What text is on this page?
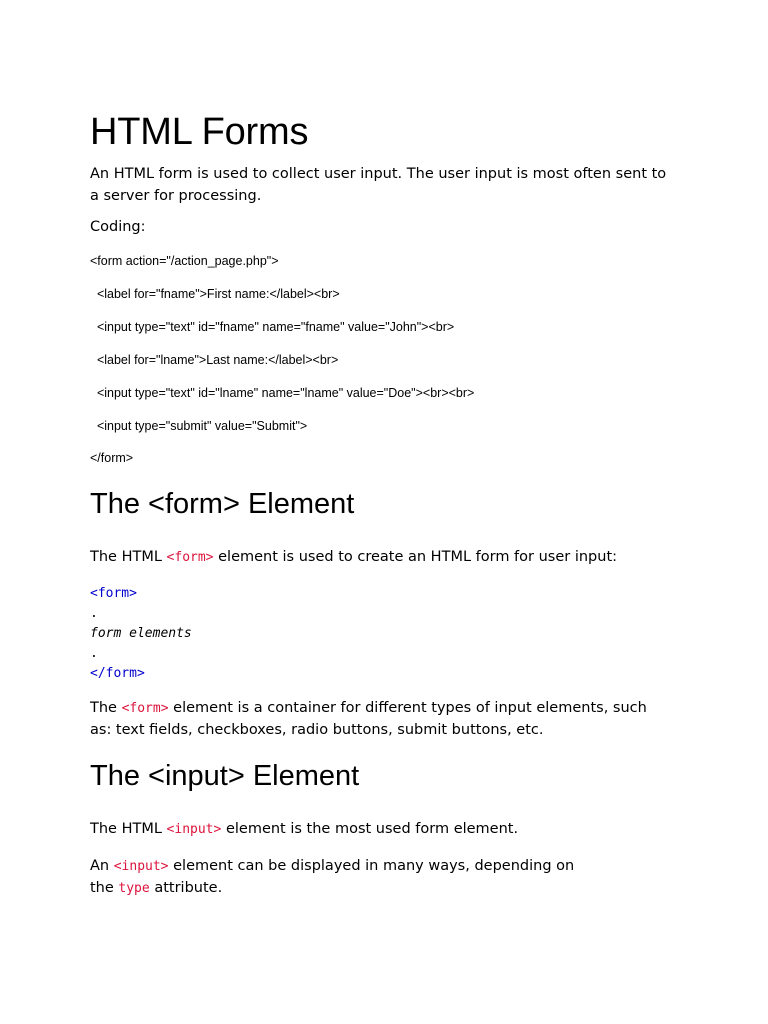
HTML Forms

An HTML form is used to collect user input. The user input is most often sent to a server for processing.

Coding:

<form action="/action_page.php">

<label for="fname">First name:</label><br>

<input type="text" id="fname" name="fname" value="John"><br>

<label for="lname">Last name:</label><br>

<input type="text" id="lname" name="lname" value="Doe"><br><br>

<input type="submit" value="Submit">

</form>

The <form> Element

The HTML <form> element is used to create an HTML form for user input:

<form>

.

form elements

.

</form>

The <form> element is a container for different types of input elements, such as: text fields, checkboxes, radio buttons, submit buttons, etc.

The <input> Element

The HTML <input> element is the most used form element.

An <input> element can be displayed in many ways, depending on
the type attribute.
